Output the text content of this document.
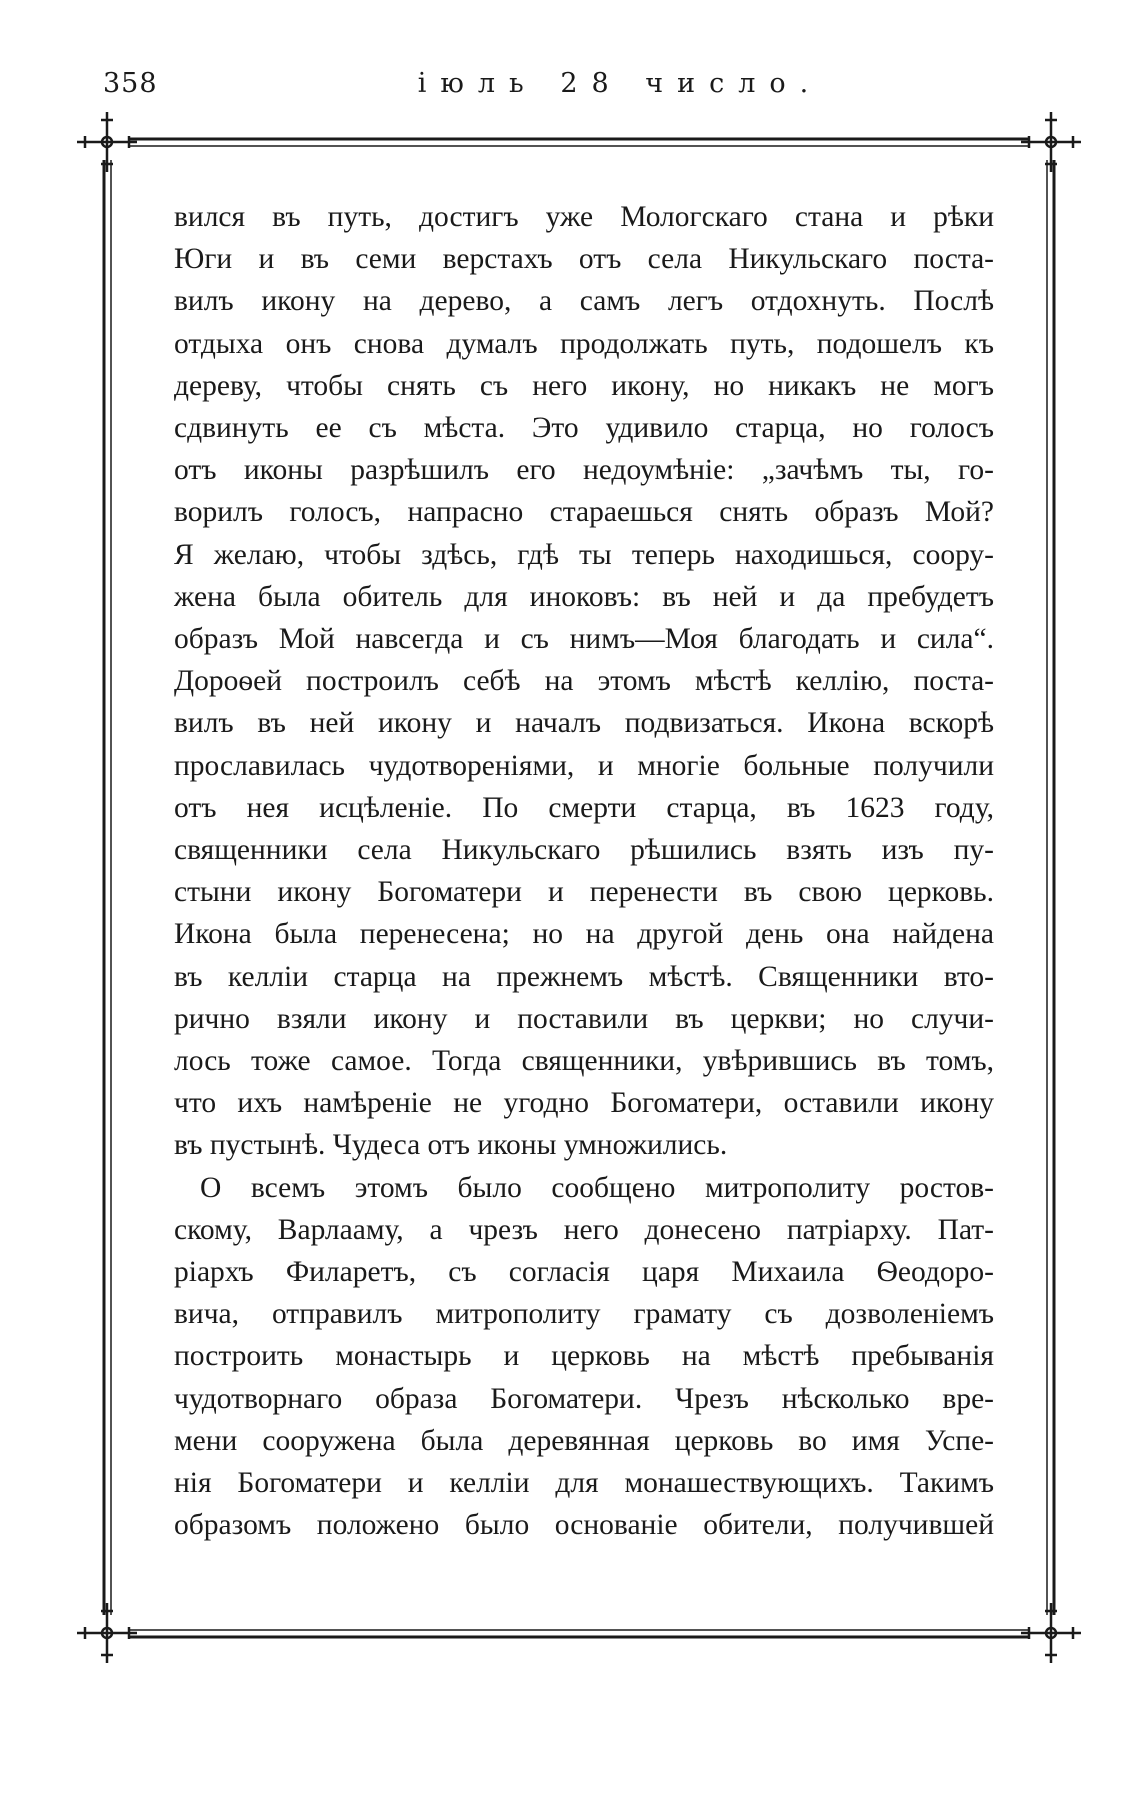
358	іюль 28 число.
вился въ путь, достигъ уже Мологскаго стана и рѣки
Юги и въ семи верстахъ отъ села Никульскаго поста-
вилъ икону на дерево, а самъ легъ отдохнуть. Послѣ
отдыха онъ снова думалъ продолжать путь, подошелъ къ
дереву, чтобы снять съ него икону, но никакъ не могъ
сдвинуть ее съ мѣста. Это удивило старца, но голосъ
отъ иконы разрѣшилъ его недоумѣніе: „зачѣмъ ты, го-
ворилъ голосъ, напрасно стараешься снять образъ Мой?
Я желаю, чтобы здѣсь, гдѣ ты теперь находишься, соору-
жена была обитель для иноковъ: въ ней и да пребудетъ
образъ Мой навсегда и съ нимъ—Моя благодать и сила“.
Дороѳей построилъ себѣ на этомъ мѣстѣ келлію, поста-
вилъ въ ней икону и началъ подвизаться. Икона вскорѣ
прославилась чудотвореніями, и многіе больные получили
отъ нея исцѣленіе. По смерти старца, въ 1623 году,
священники села Никульскаго рѣшились взять изъ пу-
стыни икону Богоматери и перенести въ свою церковь.
Икона была перенесена; но на другой день она найдена
въ келліи старца на прежнемъ мѣстѣ. Священники вто-
рично взяли икону и поставили въ церкви; но случи-
лось тоже самое. Тогда священники, увѣрившись въ томъ,
что ихъ намѣреніе не угодно Богоматери, оставили икону
въ пустынѣ. Чудеса отъ иконы умножились.
О всемъ этомъ было сообщено митрополиту ростов-
скому, Варлааму, а чрезъ него донесено патріарху. Пат-
ріархъ Филаретъ, съ согласія царя Михаила Ѳеодоро-
вича, отправилъ митрополиту грамату съ дозволеніемъ
построить монастырь и церковь на мѣстѣ пребыванія
чудотворнаго образа Богоматери. Чрезъ нѣсколько вре-
мени сооружена была деревянная церковь во имя Успе-
нія Богоматери и келліи для монашествующихъ. Такимъ
образомъ положено было основаніе обители, получившей
